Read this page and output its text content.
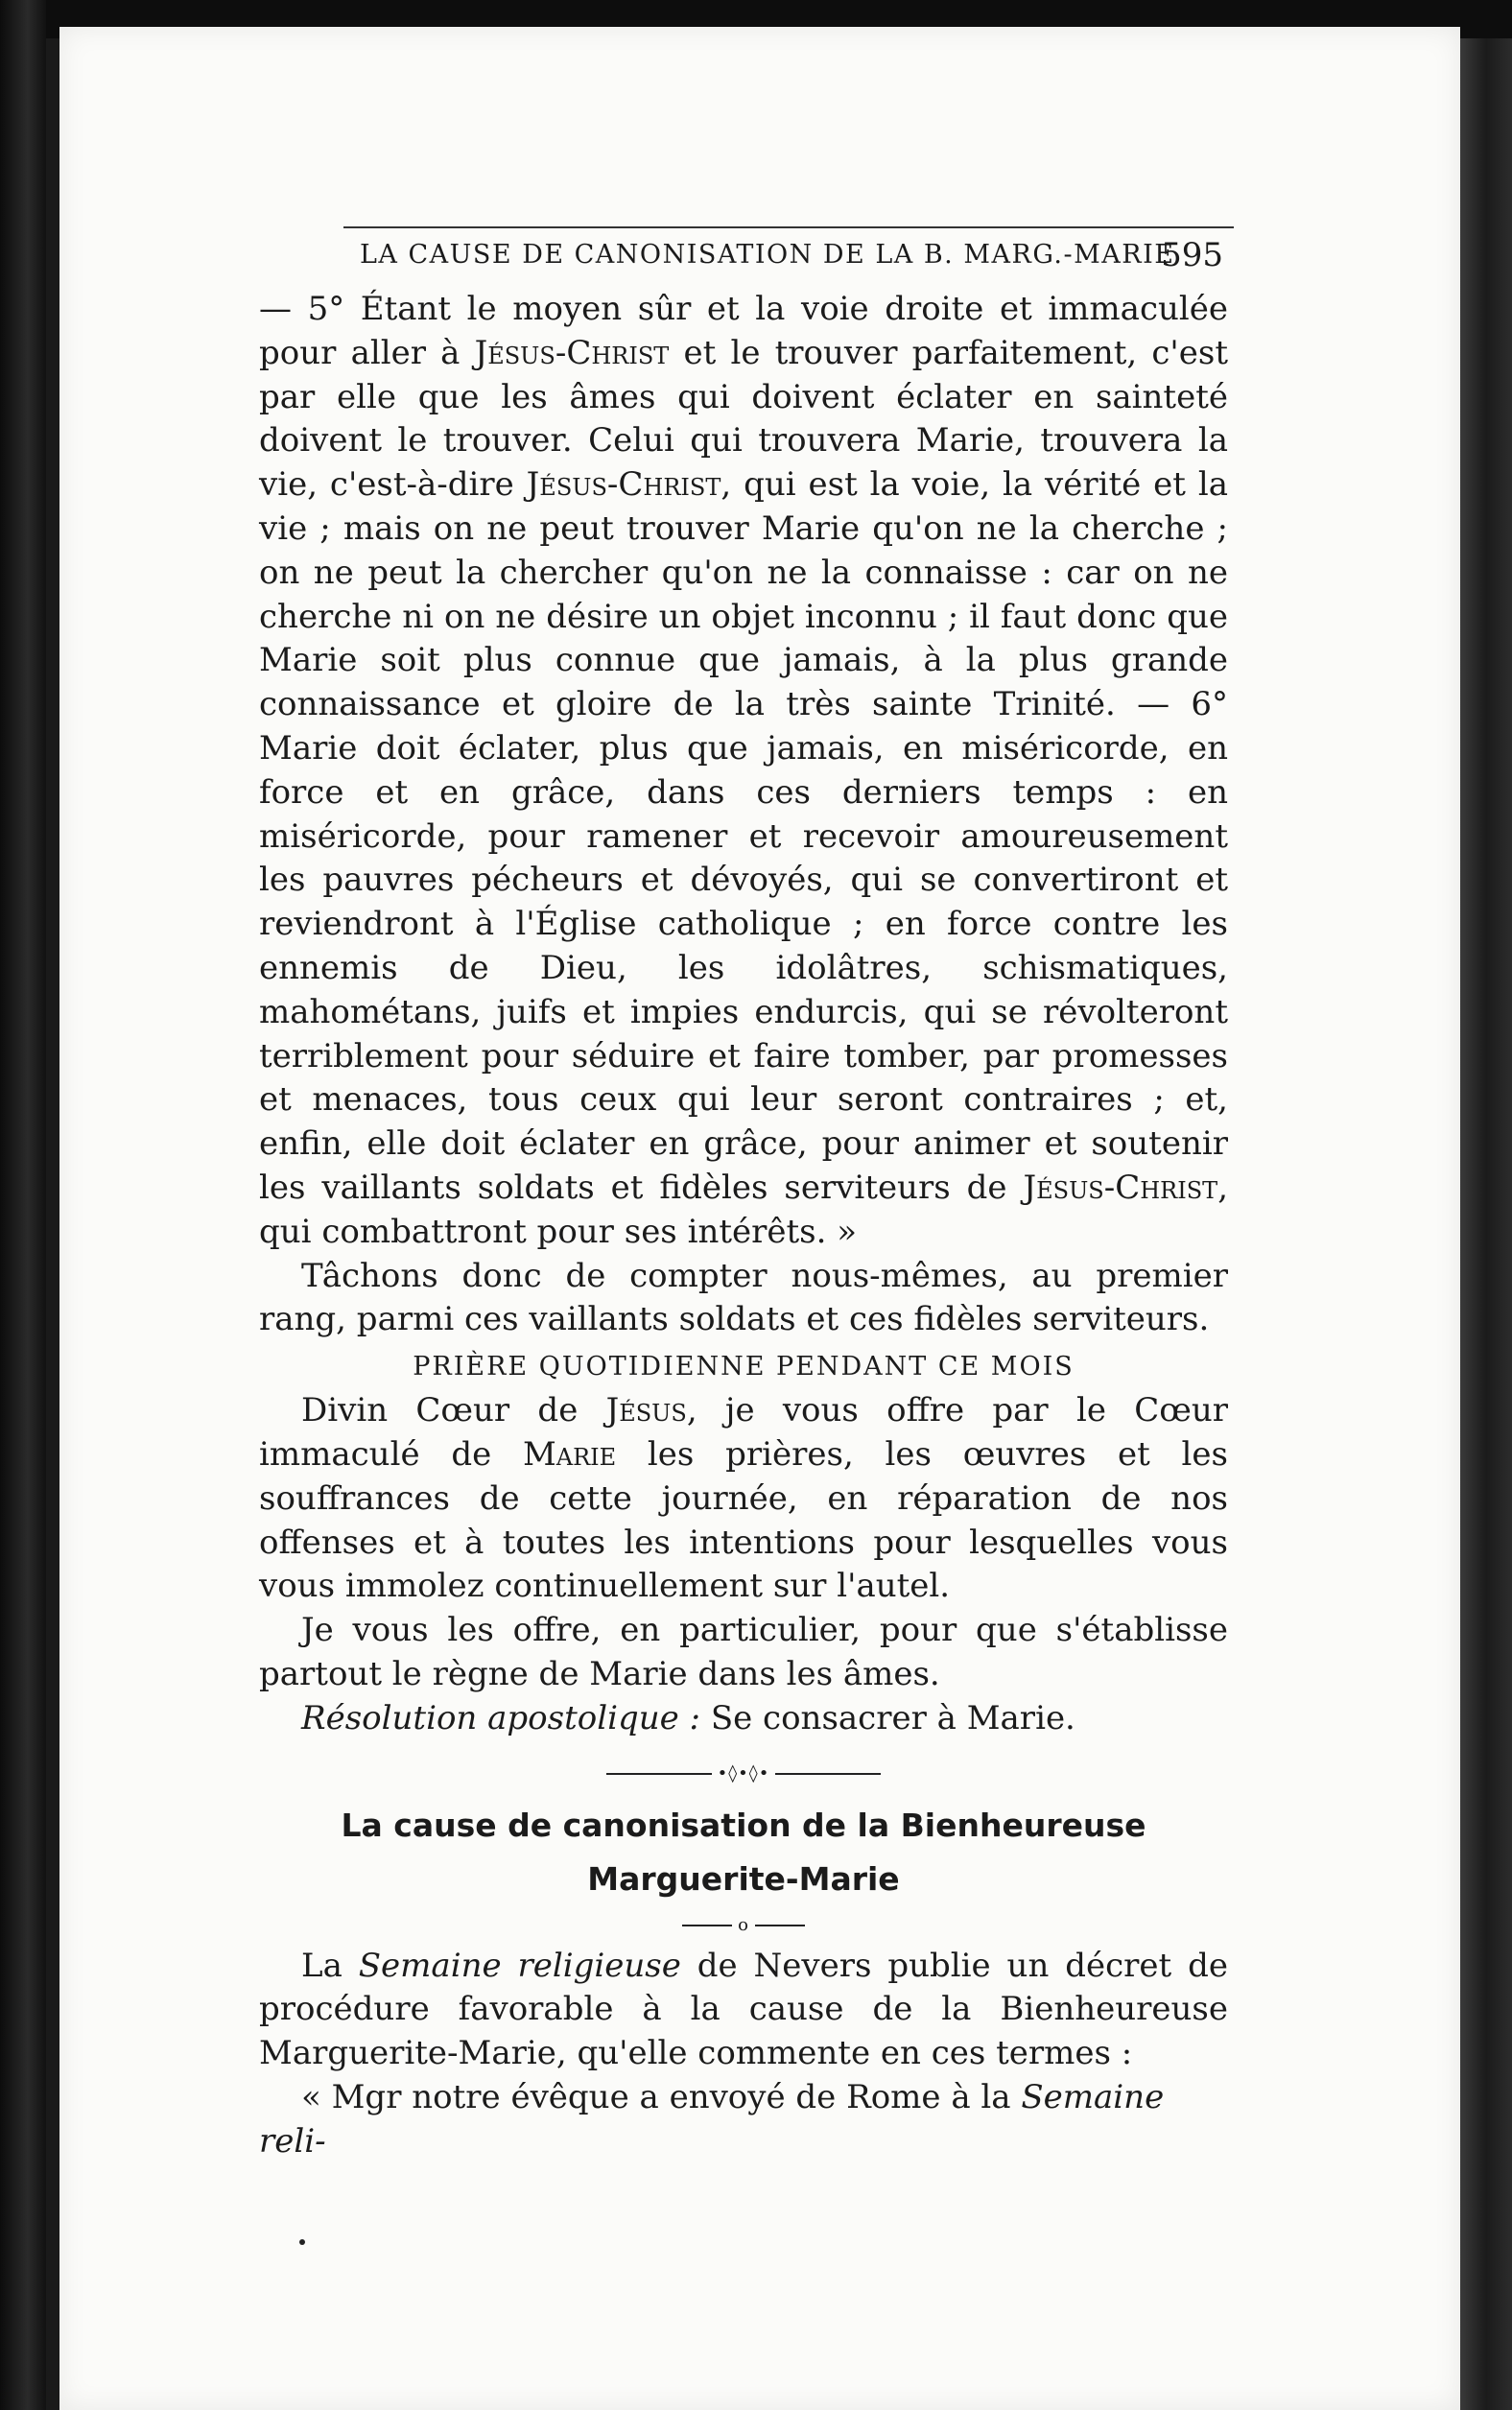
LA CAUSE DE CANONISATION DE LA B. MARG.-MARIE
595

— 5° Étant le moyen sûr et la voie droite et immaculée pour aller à Jésus-Christ et le trouver parfaitement, c'est par elle que les âmes qui doivent éclater en sainteté doivent le trouver. Celui qui trouvera Marie, trouvera la vie, c'est-à-dire Jésus-Christ, qui est la voie, la vérité et la vie ; mais on ne peut trouver Marie qu'on ne la cherche ; on ne peut la chercher qu'on ne la connaisse : car on ne cherche ni on ne désire un objet inconnu ; il faut donc que Marie soit plus connue que jamais, à la plus grande connaissance et gloire de la très sainte Trinité. — 6° Marie doit éclater, plus que jamais, en miséricorde, en force et en grâce, dans ces derniers temps : en miséricorde, pour ramener et recevoir amoureusement les pauvres pécheurs et dévoyés, qui se convertiront et reviendront à l'Église catholique ; en force contre les ennemis de Dieu, les idolâtres, schismatiques, mahométans, juifs et impies endurcis, qui se révolteront terriblement pour séduire et faire tomber, par promesses et menaces, tous ceux qui leur seront contraires ; et, enfin, elle doit éclater en grâce, pour animer et soutenir les vaillants soldats et fidèles serviteurs de Jésus-Christ, qui combattront pour ses intérêts. »

Tâchons donc de compter nous-mêmes, au premier rang, parmi ces vaillants soldats et ces fidèles serviteurs.

PRIÈRE QUOTIDIENNE PENDANT CE MOIS

Divin Cœur de Jésus, je vous offre par le Cœur immaculé de Marie les prières, les œuvres et les souffrances de cette journée, en réparation de nos offenses et à toutes les intentions pour lesquelles vous vous immolez continuellement sur l'autel.

Je vous les offre, en particulier, pour que s'établisse partout le règne de Marie dans les âmes.

Résolution apostolique : Se consacrer à Marie.

•◊•◊•

La cause de canonisation de la Bienheureuse

Marguerite-Marie

o

La Semaine religieuse de Nevers publie un décret de procédure favorable à la cause de la Bienheureuse Marguerite-Marie, qu'elle commente en ces termes :

« Mgr notre évêque a envoyé de Rome à la Semaine reli-
